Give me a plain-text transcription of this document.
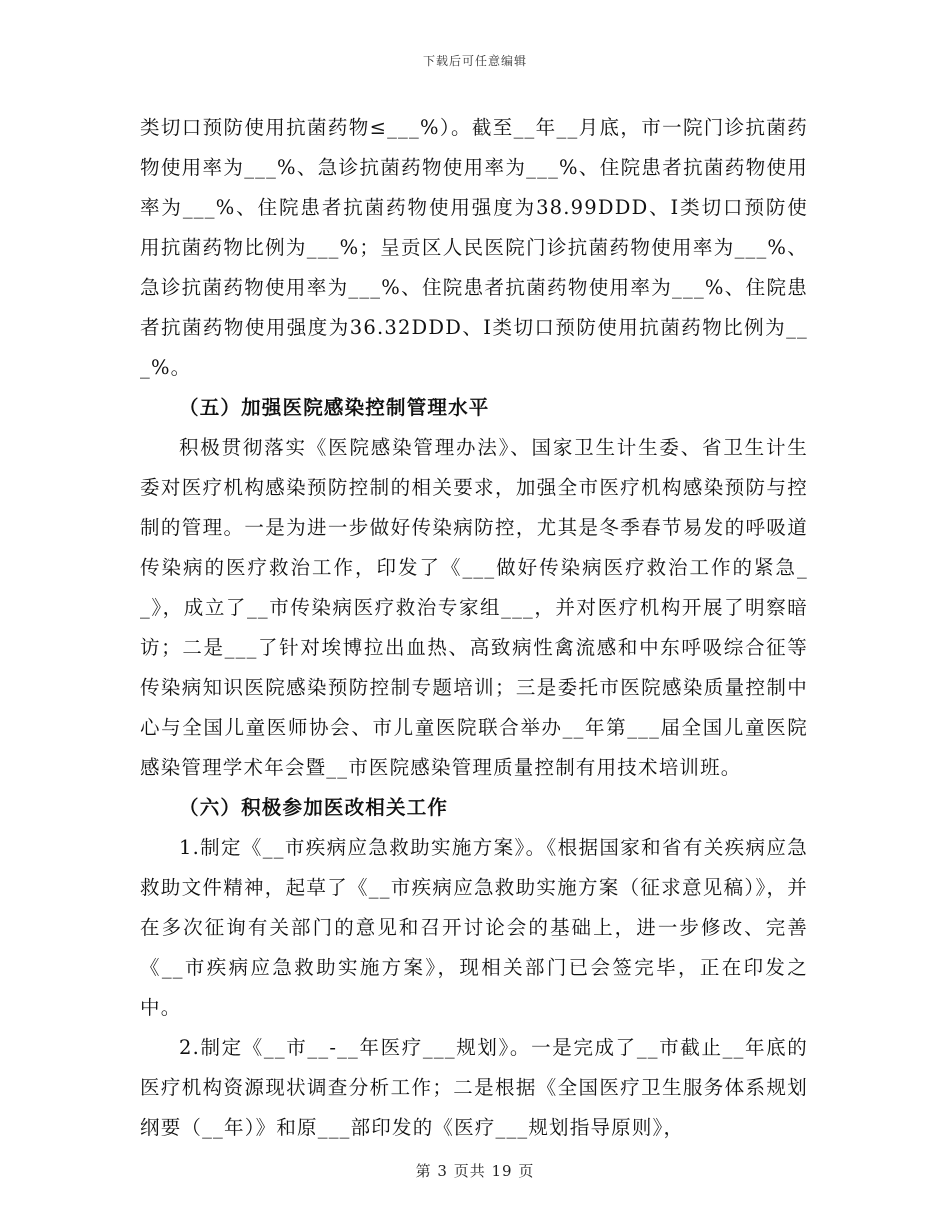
下载后可任意编辑

类切口预防使用抗菌药物≤___%）。截至__年__月底，市一院门诊抗菌药物使用率为___%、急诊抗菌药物使用率为___%、住院患者抗菌药物使用率为___%、住院患者抗菌药物使用强度为38.99DDD、Ⅰ类切口预防使用抗菌药物比例为___%；呈贡区人民医院门诊抗菌药物使用率为___%、急诊抗菌药物使用率为___%、住院患者抗菌药物使用率为___%、住院患者抗菌药物使用强度为36.32DDD、Ⅰ类切口预防使用抗菌药物比例为___%。

（五）加强医院感染控制管理水平

积极贯彻落实《医院感染管理办法》、国家卫生计生委、省卫生计生委对医疗机构感染预防控制的相关要求，加强全市医疗机构感染预防与控制的管理。一是为进一步做好传染病防控，尤其是冬季春节易发的呼吸道传染病的医疗救治工作，印发了《___做好传染病医疗救治工作的紧急__》，成立了__市传染病医疗救治专家组___，并对医疗机构开展了明察暗访；二是___了针对埃博拉出血热、高致病性禽流感和中东呼吸综合征等传染病知识医院感染预防控制专题培训；三是委托市医院感染质量控制中心与全国儿童医师协会、市儿童医院联合举办__年第___届全国儿童医院感染管理学术年会暨__市医院感染管理质量控制有用技术培训班。

（六）积极参加医改相关工作

1.制定《__市疾病应急救助实施方案》。《根据国家和省有关疾病应急救助文件精神，起草了《__市疾病应急救助实施方案（征求意见稿）》，并在多次征询有关部门的意见和召开讨论会的基础上，进一步修改、完善《__市疾病应急救助实施方案》，现相关部门已会签完毕，正在印发之中。

2.制定《__市__-__年医疗___规划》。一是完成了__市截止__年底的医疗机构资源现状调查分析工作；二是根据《全国医疗卫生服务体系规划纲要（__年）》和原___部印发的《医疗___规划指导原则》，

第 3 页共 19 页
